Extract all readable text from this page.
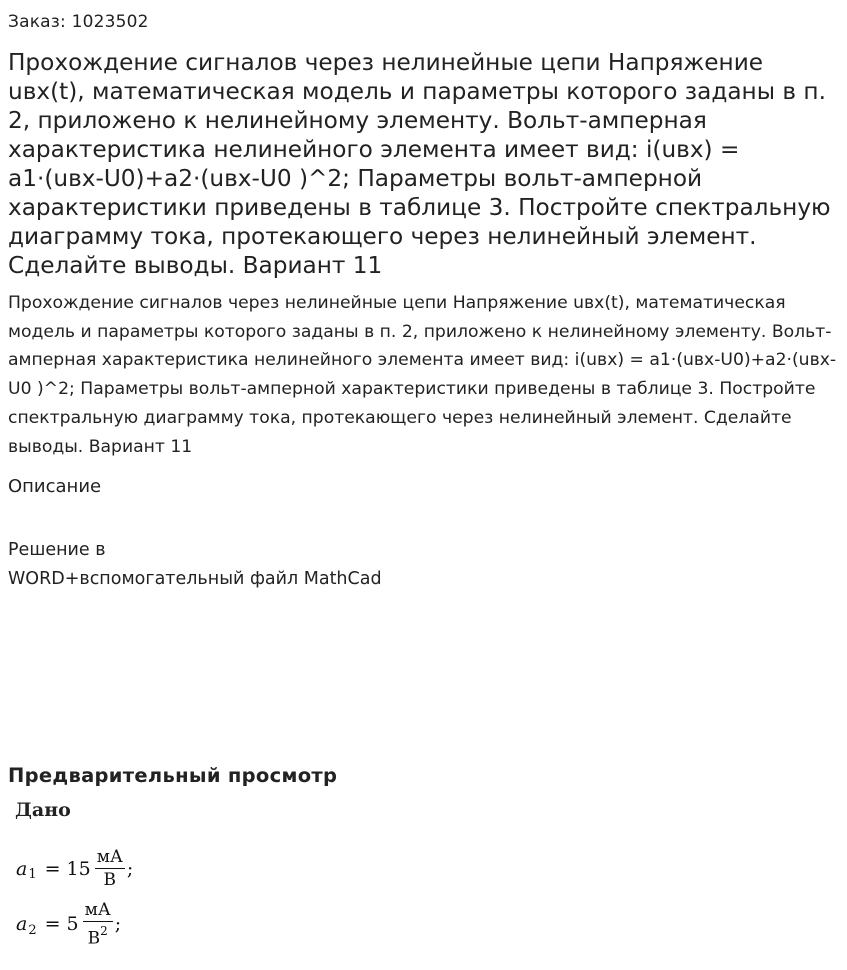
Заказ: 1023502
Прохождение сигналов через нелинейные цепи Напряжение uвх(t), математическая модель и параметры которого заданы в п. 2, приложено к нелинейному элементу. Вольт-амперная характеристика нелинейного элемента имеет вид: i(uвх) = a1·(uвх-U0)+a2·(uвх-U0 )^2; Параметры вольт-амперной характеристики приведены в таблице 3. Постройте спектральную диаграмму тока, протекающего через нелинейный элемент. Сделайте выводы. Вариант 11
Прохождение сигналов через нелинейные цепи Напряжение uвх(t), математическая модель и параметры которого заданы в п. 2, приложено к нелинейному элементу. Вольт-амперная характеристика нелинейного элемента имеет вид: i(uвх) = a1·(uвх-U0)+a2·(uвх-U0 )^2; Параметры вольт-амперной характеристики приведены в таблице 3. Постройте спектральную диаграмму тока, протекающего через нелинейный элемент. Сделайте выводы. Вариант 11
Описание
Решение в
WORD+вспомогательный файл MathCad
Предварительный просмотр
Дано
a $1 = 15 \frac{мА}{В}$ ;
a $2 = 5 \frac{мА}{В^2}$ ;
